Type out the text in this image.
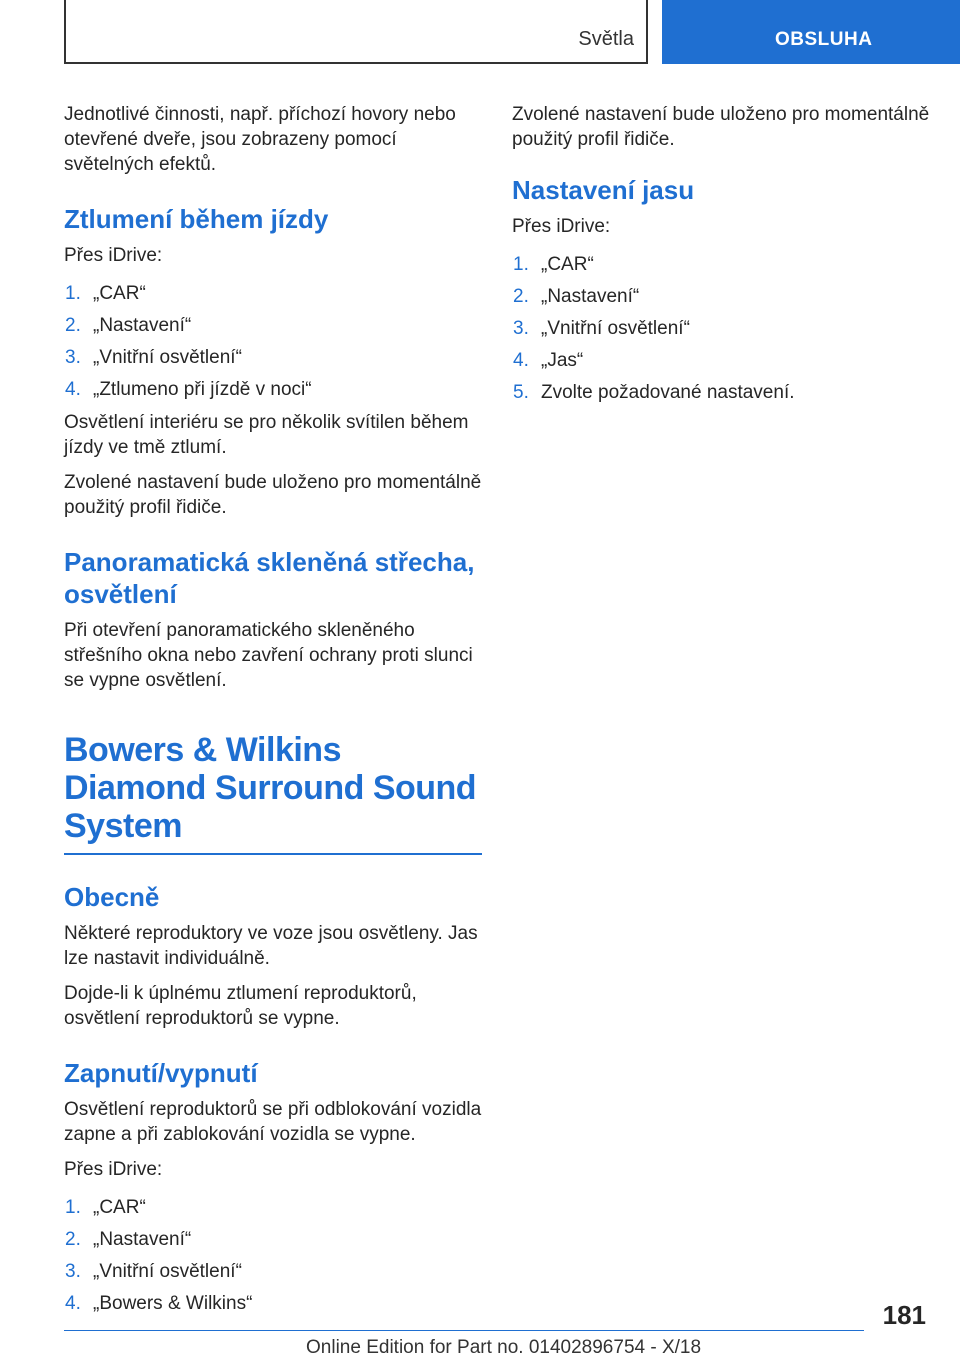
Světla	OBSLUHA

Jednotlivé činnosti, např. příchozí hovory nebo otevřené dveře, jsou zobrazeny pomocí světelných efektů.

Ztlumení během jízdy

Přes iDrive:

1. „CAR“
2. „Nastavení“
3. „Vnitřní osvětlení“
4. „Ztlumeno při jízdě v noci“

Osvětlení interiéru se pro několik svítilen během jízdy ve tmě ztlumí.

Zvolené nastavení bude uloženo pro momentálně použitý profil řidiče.

Panoramatická skleněná střecha, osvětlení

Při otevření panoramatického skleněného střešního okna nebo zavření ochrany proti slunci se vypne osvětlení.

Bowers & Wilkins Diamond Surround Sound System
Obecně

Některé reproduktory ve voze jsou osvětleny. Jas lze nastavit individuálně.

Dojde-li k úplnému ztlumení reproduktorů, osvětlení reproduktorů se vypne.

Zapnutí/vypnutí

Osvětlení reproduktorů se při odblokování vozidla zapne a při zablokování vozidla se vypne.

Přes iDrive:

1. „CAR“
2. „Nastavení“
3. „Vnitřní osvětlení“
4. „Bowers & Wilkins“

Zvolené nastavení bude uloženo pro momentálně použitý profil řidiče.

Nastavení jasu

Přes iDrive:

1. „CAR“
2. „Nastavení“
3. „Vnitřní osvětlení“
4. „Jas“
5. Zvolte požadované nastavení.
181
Online Edition for Part no. 01402896754 - X/18
